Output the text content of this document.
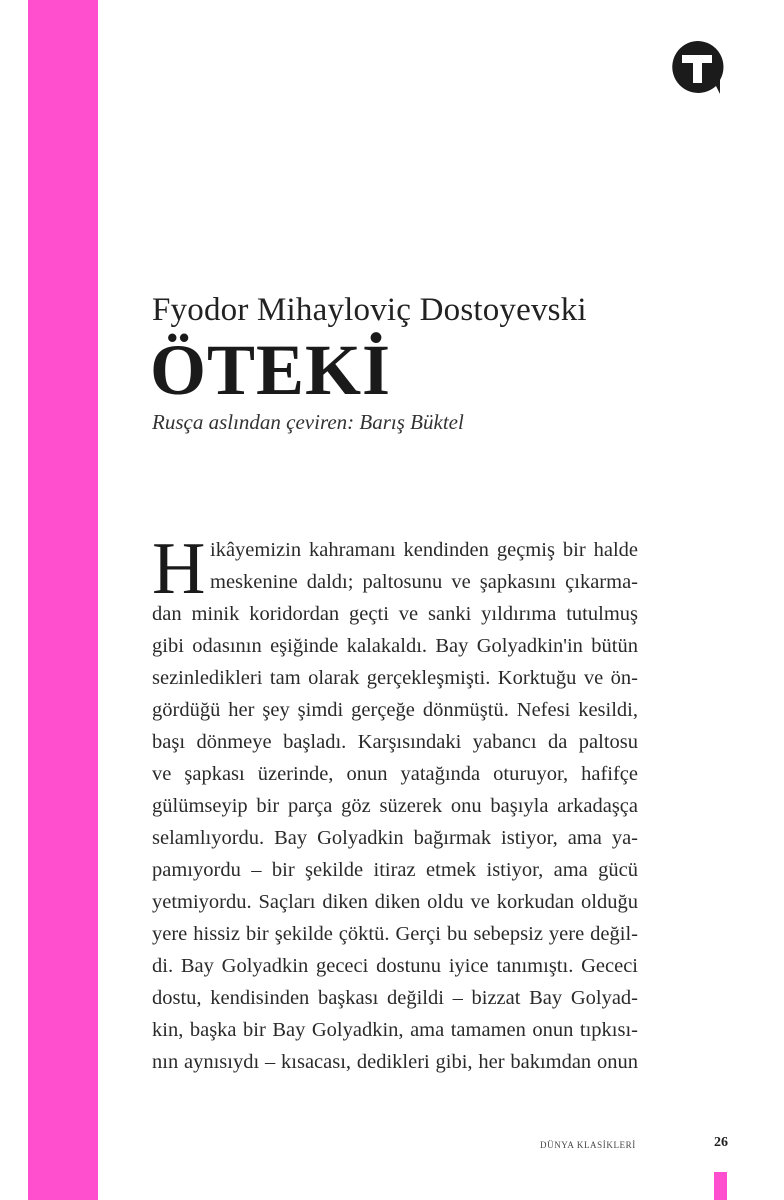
Fyodor Mihayloviç Dostoyevski
ÖTEKİ
Rusça aslından çeviren: Barış Büktel
H ikâyemizin kahramanı kendinden geçmiş bir halde
meskenine daldı; paltosunu ve şapkasını çıkarma-
dan minik koridordan geçti ve sanki yıldırıma tutulmuş
gibi odasının eşiğinde kalakaldı. Bay Golyadkin'in bütün
sezinledikleri tam olarak gerçekleşmişti. Korktuğu ve ön-
gördüğü her şey şimdi gerçeğe dönmüştü. Nefesi kesildi,
başı dönmeye başladı. Karşısındaki yabancı da paltosu
ve şapkası üzerinde, onun yatağında oturuyor, hafifçe
gülümseyip bir parça göz süzerek onu başıyla arkadaşça
selamlıyordu. Bay Golyadkin bağırmak istiyor, ama ya-
pamıyordu – bir şekilde itiraz etmek istiyor, ama gücü
yetmiyordu. Saçları diken diken oldu ve korkudan olduğu
yere hissiz bir şekilde çöktü. Gerçi bu sebepsiz yere değil-
di. Bay Golyadkin gececi dostunu iyice tanımıştı. Gececi
dostu, kendisinden başkası değildi – bizzat Bay Golyad-
kin, başka bir Bay Golyadkin, ama tamamen onun tıpkısı-
nın aynısıydı – kısacası, dedikleri gibi, her bakımdan onun
DÜNYA KLASİKLERİ	26
